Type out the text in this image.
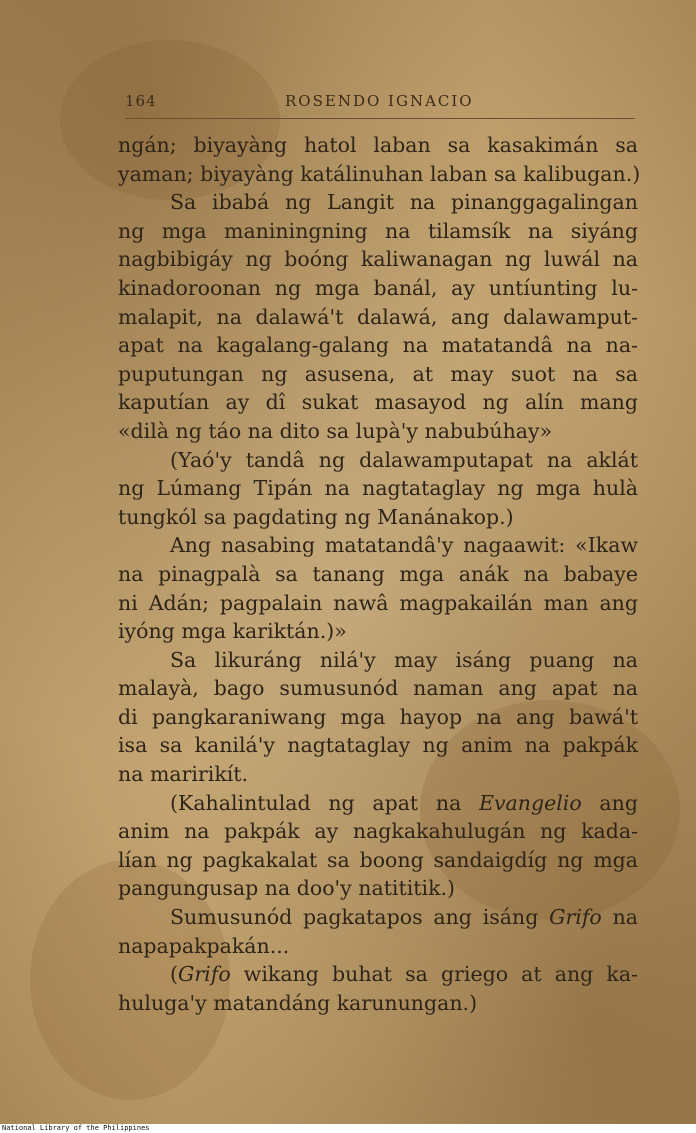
164	ROSENDO IGNACIO
ngán; biyayàng hatol laban sa kasakimán sa
yaman; biyayàng katálinuhan laban sa kalibugan.)
Sa ibabá ng Langit na pinanggagalingan
ng mga maniningning na tilamsík na siyáng
nagbibigáy ng boóng kaliwanagan ng luwál na
kinadoroonan ng mga banál, ay untíunting lu-
malapit, na dalawá't dalawá, ang dalawamput-
apat na kagalang-galang na matatandâ na na-
puputungan ng asusena, at may suot na sa
kaputían ay dî sukat masayod ng alín mang
«dilà ng táo na dito sa lupà'y nabubúhay»
(Yaó'y tandâ ng dalawamputapat na aklát
ng Lúmang Tipán na nagtataglay ng mga hulà
tungkól sa pagdating ng Manánakop.)
Ang nasabing matatandâ'y nagaawit: «Ikaw
na pinagpalà sa tanang mga anák na babaye
ni Adán; pagpalain nawâ magpakailán man ang
iyóng mga kariktán.)»
Sa likuráng nilá'y may isáng puang na
malayà, bago sumusunód naman ang apat na
di pangkaraniwang mga hayop na ang bawá't
isa sa kanilá'y nagtataglay ng anim na pakpák
na maririkít.
(Kahalintulad ng apat na Evangelio ang
anim na pakpák ay nagkakahulugán ng kada-
lían ng pagkakalat sa boong sandaigdíg ng mga
pangungusap na doo'y natititik.)
Sumusunód pagkatapos ang isáng Grifo na
napapakpakán...
(Grifo wikang buhat sa griego at ang ka-
huluga'y matandáng karunungan.)
National Library of the Philippines
